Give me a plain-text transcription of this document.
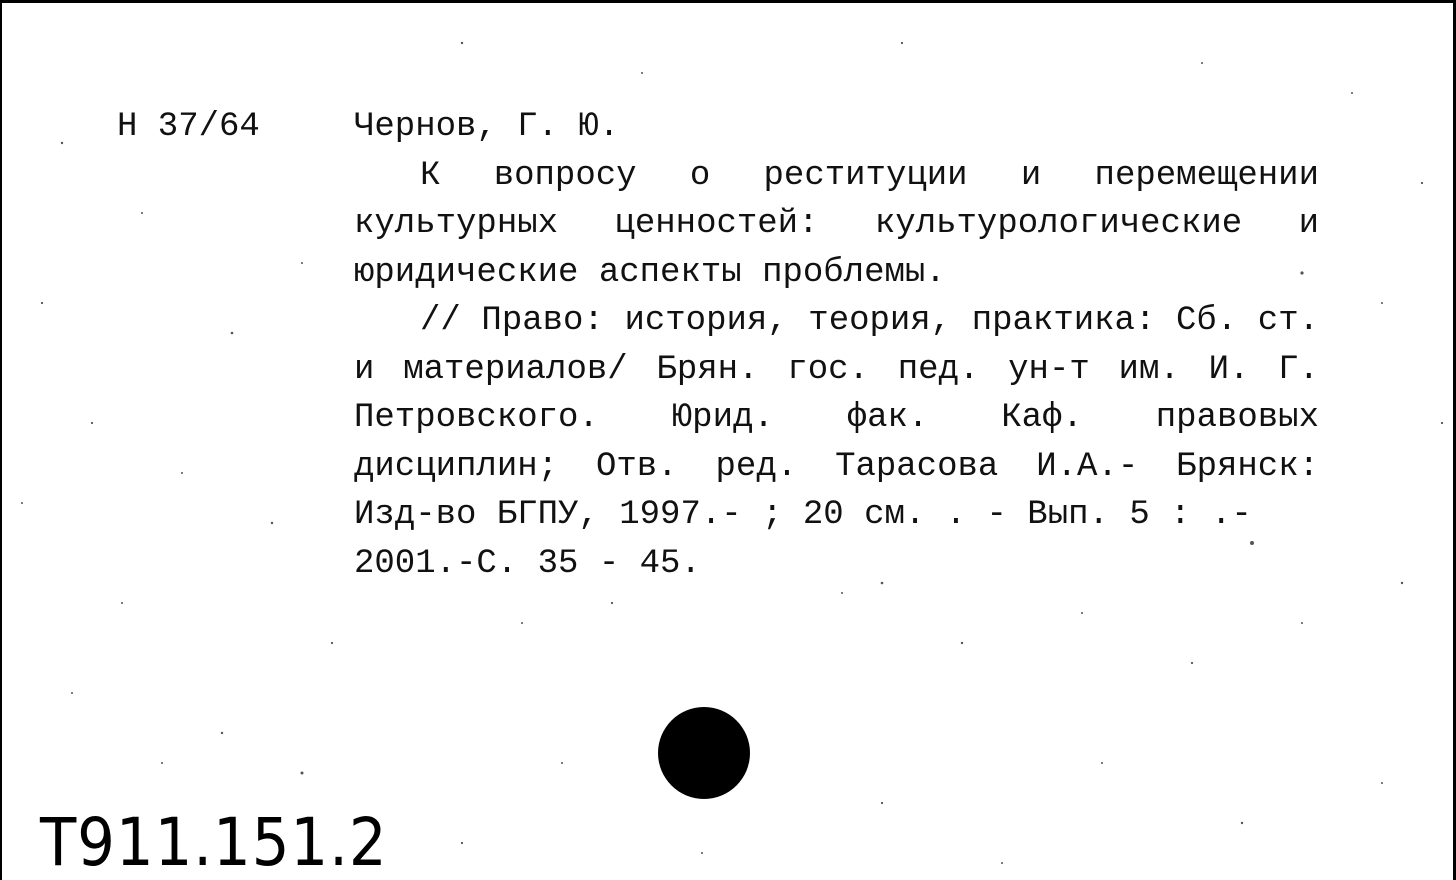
Н 37/64	Чернов, Г. Ю.

К вопросу о реституции и перемещении культурных ценностей: культурологические и юридические аспекты проблемы.

// Право: история, теория, практика: Сб. ст. и материалов/ Брян. гос. пед. ун-т им. И. Г. Петровского. Юрид. фак. Каф. правовых дисциплин; Отв. ред. Тарасова И.А.- Брянск: Изд-во БГПУ, 1997.- ; 20 см. . - Вып. 5 : .-

2001.-С. 35 - 45.

Т911.151.2
